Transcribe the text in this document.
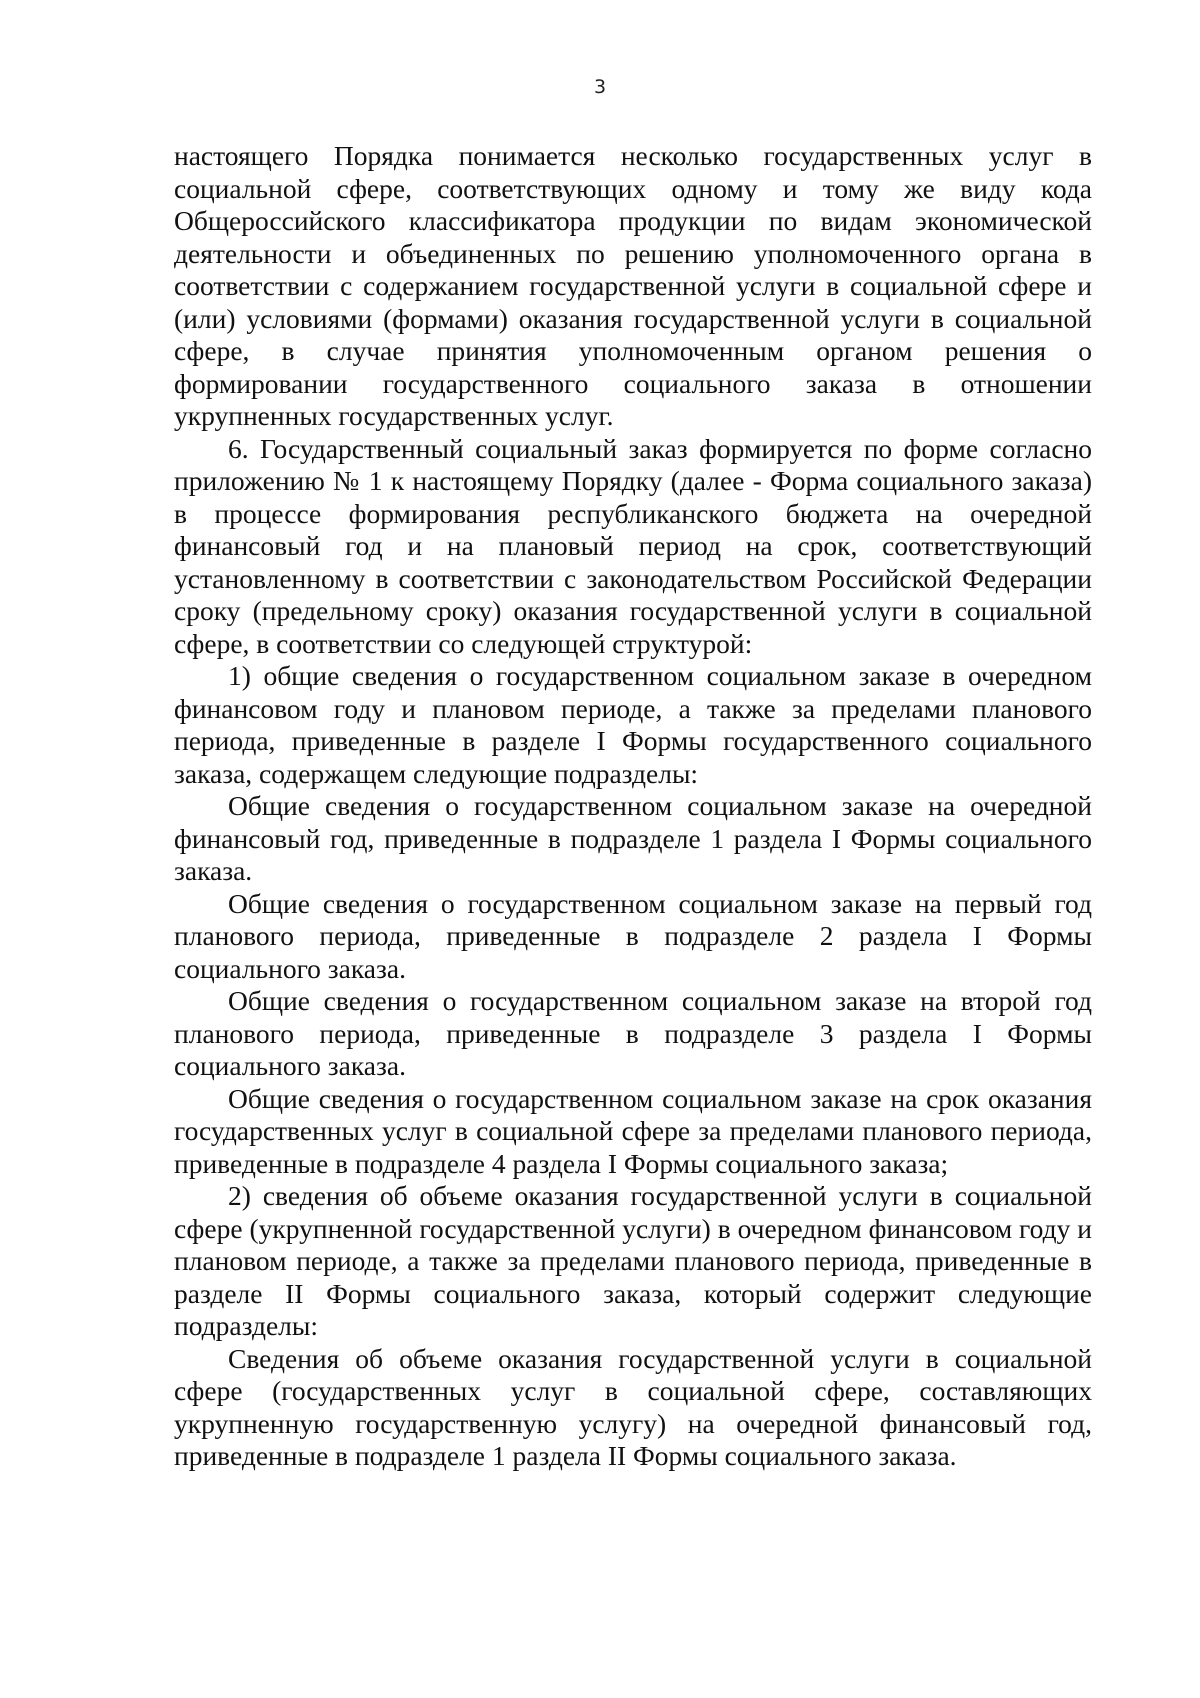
3

настоящего Порядка понимается несколько государственных услуг в социальной сфере, соответствующих одному и тому же виду кода Общероссийского классификатора продукции по видам экономической деятельности и объединенных по решению уполномоченного органа в соответствии с содержанием государственной услуги в социальной сфере и (или) условиями (формами) оказания государственной услуги в социальной сфере, в случае принятия уполномоченным органом решения о формировании государственного социального заказа в отношении укрупненных государственных услуг.

6. Государственный социальный заказ формируется по форме согласно приложению № 1 к настоящему Порядку (далее - Форма социального заказа) в процессе формирования республиканского бюджета на очередной финансовый год и на плановый период на срок, соответствующий установленному в соответствии с законодательством Российской Федерации сроку (предельному сроку) оказания государственной услуги в социальной сфере, в соответствии со следующей структурой:

1) общие сведения о государственном социальном заказе в очередном финансовом году и плановом периоде, а также за пределами планового периода, приведенные в разделе I Формы государственного социального заказа, содержащем следующие подразделы:

Общие сведения о государственном социальном заказе на очередной финансовый год, приведенные в подразделе 1 раздела I Формы социального заказа.

Общие сведения о государственном социальном заказе на первый год планового периода, приведенные в подразделе 2 раздела I Формы социального заказа.

Общие сведения о государственном социальном заказе на второй год планового периода, приведенные в подразделе 3 раздела I Формы социального заказа.

Общие сведения о государственном социальном заказе на срок оказания государственных услуг в социальной сфере за пределами планового периода, приведенные в подразделе 4 раздела I Формы социального заказа;

2) сведения об объеме оказания государственной услуги в социальной сфере (укрупненной государственной услуги) в очередном финансовом году и плановом периоде, а также за пределами планового периода, приведенные в разделе II Формы социального заказа, который содержит следующие подразделы:

Сведения об объеме оказания государственной услуги в социальной сфере (государственных услуг в социальной сфере, составляющих укрупненную государственную услугу) на очередной финансовый год, приведенные в подразделе 1 раздела II Формы социального заказа.
